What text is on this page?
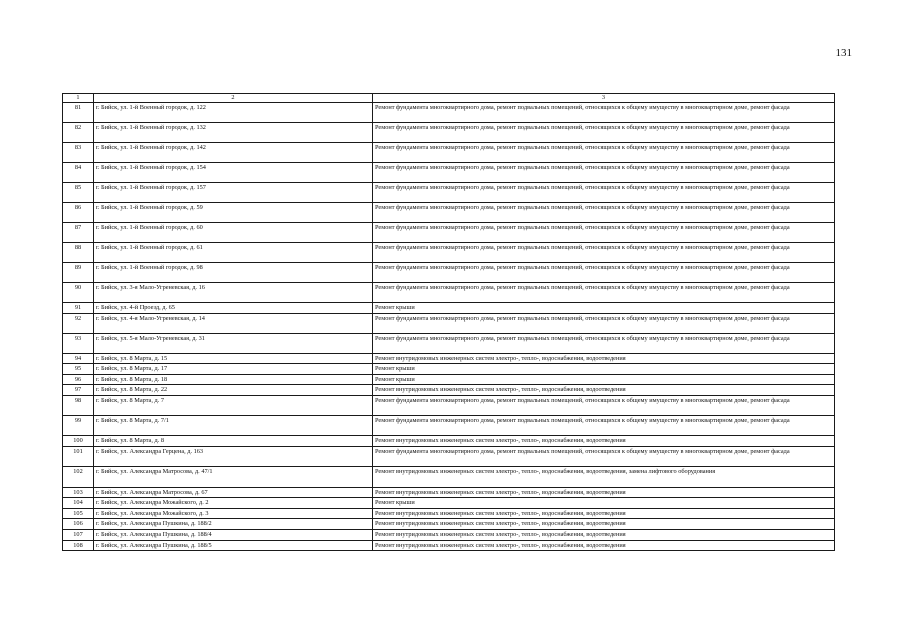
131
1	2	3
81	г. Бийск, ул. 1-й Военный городок, д. 122	Ремонт фундамента многоквартирного дома, ремонт подвальных помещений, относящихся к общему имуществу в многоквартирном доме, ремонт фасада
82	г. Бийск, ул. 1-й Военный городок, д. 132	Ремонт фундамента многоквартирного дома, ремонт подвальных помещений, относящихся к общему имуществу в многоквартирном доме, ремонт фасада
83	г. Бийск, ул. 1-й Военный городок, д. 142	Ремонт фундамента многоквартирного дома, ремонт подвальных помещений, относящихся к общему имуществу в многоквартирном доме, ремонт фасада
84	г. Бийск, ул. 1-й Военный городок, д. 154	Ремонт фундамента многоквартирного дома, ремонт подвальных помещений, относящихся к общему имуществу в многоквартирном доме, ремонт фасада
85	г. Бийск, ул. 1-й Военный городок, д. 157	Ремонт фундамента многоквартирного дома, ремонт подвальных помещений, относящихся к общему имуществу в многоквартирном доме, ремонт фасада
86	г. Бийск, ул. 1-й Военный городок, д. 59	Ремонт фундамента многоквартирного дома, ремонт подвальных помещений, относящихся к общему имуществу в многоквартирном доме, ремонт фасада
87	г. Бийск, ул. 1-й Военный городок, д. 60	Ремонт фундамента многоквартирного дома, ремонт подвальных помещений, относящихся к общему имуществу в многоквартирном доме, ремонт фасада
88	г. Бийск, ул. 1-й Военный городок, д. 61	Ремонт фундамента многоквартирного дома, ремонт подвальных помещений, относящихся к общему имуществу в многоквартирном доме, ремонт фасада
89	г. Бийск, ул. 1-й Военный городок, д. 98	Ремонт фундамента многоквартирного дома, ремонт подвальных помещений, относящихся к общему имуществу в многоквартирном доме, ремонт фасада
90	г. Бийск, ул. 3-я Мало-Угреневская, д. 16	Ремонт фундамента многоквартирного дома, ремонт подвальных помещений, относящихся к общему имуществу в многоквартирном доме, ремонт фасада
91	г. Бийск, ул. 4-й Проезд, д. 65	Ремонт крыши
92	г. Бийск, ул. 4-я Мало-Угреневская, д. 14	Ремонт фундамента многоквартирного дома, ремонт подвальных помещений, относящихся к общему имуществу в многоквартирном доме, ремонт фасада
93	г. Бийск, ул. 5-я Мало-Угреневская, д. 31	Ремонт фундамента многоквартирного дома, ремонт подвальных помещений, относящихся к общему имуществу в многоквартирном доме, ремонт фасада
94	г. Бийск, ул. 8 Марта, д. 15	Ремонт внутридомовых инженерных систем электро-, тепло-, водоснабжения, водоотведения
95	г. Бийск, ул. 8 Марта, д. 17	Ремонт крыши
96	г. Бийск, ул. 8 Марта, д. 18	Ремонт крыши
97	г. Бийск, ул. 8 Марта, д. 22	Ремонт внутридомовых инженерных систем электро-, тепло-, водоснабжения, водоотведения
98	г. Бийск, ул. 8 Марта, д. 7	Ремонт фундамента многоквартирного дома, ремонт подвальных помещений, относящихся к общему имуществу в многоквартирном доме, ремонт фасада
99	г. Бийск, ул. 8 Марта, д. 7/1	Ремонт фундамента многоквартирного дома, ремонт подвальных помещений, относящихся к общему имуществу в многоквартирном доме, ремонт фасада
100	г. Бийск, ул. 8 Марта, д. 8	Ремонт внутридомовых инженерных систем электро-, тепло-, водоснабжения, водоотведения
101	г. Бийск, ул. Александра Герцена, д. 163	Ремонт фундамента многоквартирного дома, ремонт подвальных помещений, относящихся к общему имуществу в многоквартирном доме, ремонт фасада
102	г. Бийск, ул. Александра Матросова, д. 47/1	Ремонт внутридомовых инженерных систем электро-, тепло-, водоснабжения, водоотведения, замена лифтового оборудования
103	г. Бийск, ул. Александра Матросова, д. 67	Ремонт внутридомовых инженерных систем электро-, тепло-, водоснабжения, водоотведения
104	г. Бийск, ул. Александра Можайского, д. 2	Ремонт крыши
105	г. Бийск, ул. Александра Можайского, д. 3	Ремонт внутридомовых инженерных систем электро-, тепло-, водоснабжения, водоотведения
106	г. Бийск, ул. Александра Пушкина, д. 188/2	Ремонт внутридомовых инженерных систем электро-, тепло-, водоснабжения, водоотведения
107	г. Бийск, ул. Александра Пушкина, д. 188/4	Ремонт внутридомовых инженерных систем электро-, тепло-, водоснабжения, водоотведения
108	г. Бийск, ул. Александра Пушкина, д. 188/5	Ремонт внутридомовых инженерных систем электро-, тепло-, водоснабжения, водоотведения
